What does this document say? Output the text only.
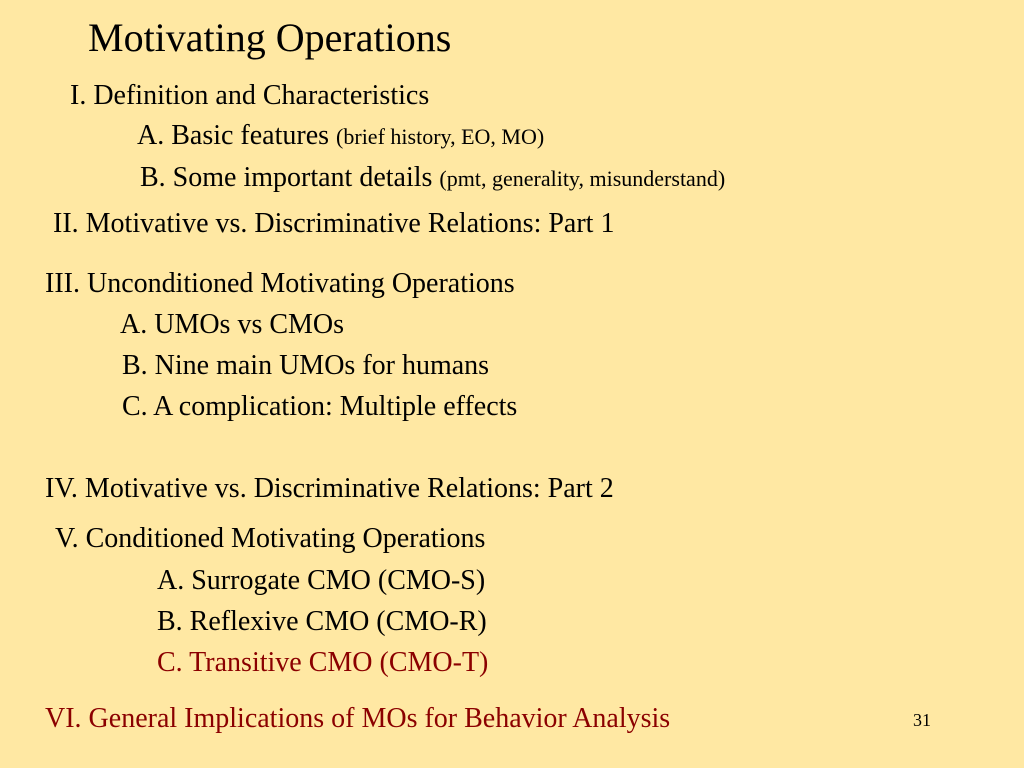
Motivating Operations
I. Definition and Characteristics
A. Basic features (brief history, EO, MO)
B. Some important details (pmt, generality, misunderstand)
II. Motivative vs. Discriminative Relations: Part 1
III. Unconditioned Motivating Operations
A. UMOs vs CMOs
B. Nine main UMOs for humans
C. A complication: Multiple effects
IV. Motivative vs. Discriminative Relations: Part 2
V. Conditioned Motivating Operations
A. Surrogate CMO (CMO-S)
B. Reflexive CMO (CMO-R)
C. Transitive CMO (CMO-T)
VI. General Implications of MOs for Behavior Analysis	31
